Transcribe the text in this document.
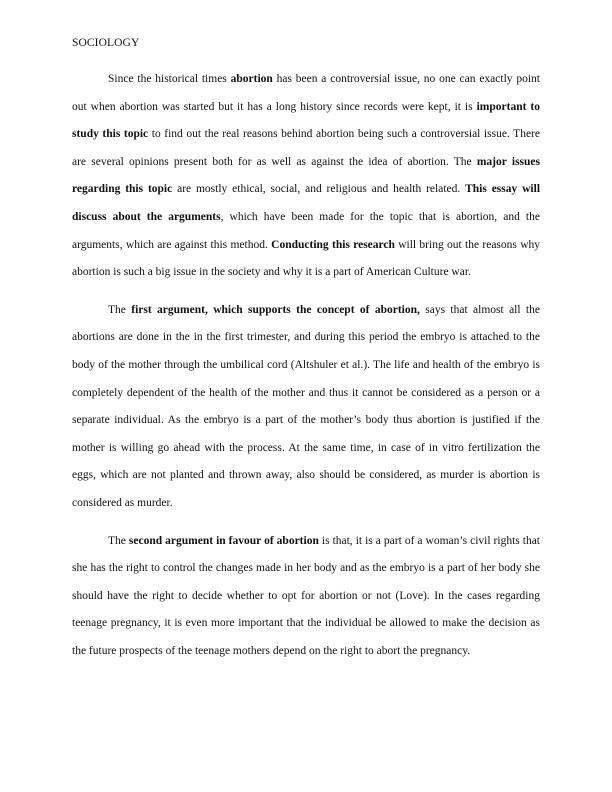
SOCIOLOGY

Since the historical times abortion has been a controversial issue, no one can exactly point out when abortion was started but it has a long history since records were kept, it is important to study this topic to find out the real reasons behind abortion being such a controversial issue. There are several opinions present both for as well as against the idea of abortion. The major issues regarding this topic are mostly ethical, social, and religious and health related. This essay will discuss about the arguments, which have been made for the topic that is abortion, and the arguments, which are against this method. Conducting this research will bring out the reasons why abortion is such a big issue in the society and why it is a part of American Culture war.

The first argument, which supports the concept of abortion, says that almost all the abortions are done in the in the first trimester, and during this period the embryo is attached to the body of the mother through the umbilical cord (Altshuler et al.). The life and health of the embryo is completely dependent of the health of the mother and thus it cannot be considered as a person or a separate individual. As the embryo is a part of the mother’s body thus abortion is justified if the mother is willing go ahead with the process. At the same time, in case of in vitro fertilization the eggs, which are not planted and thrown away, also should be considered, as murder is abortion is considered as murder.

The second argument in favour of abortion is that, it is a part of a woman’s civil rights that she has the right to control the changes made in her body and as the embryo is a part of her body she should have the right to decide whether to opt for abortion or not (Love). In the cases regarding teenage pregnancy, it is even more important that the individual be allowed to make the decision as the future prospects of the teenage mothers depend on the right to abort the pregnancy.
